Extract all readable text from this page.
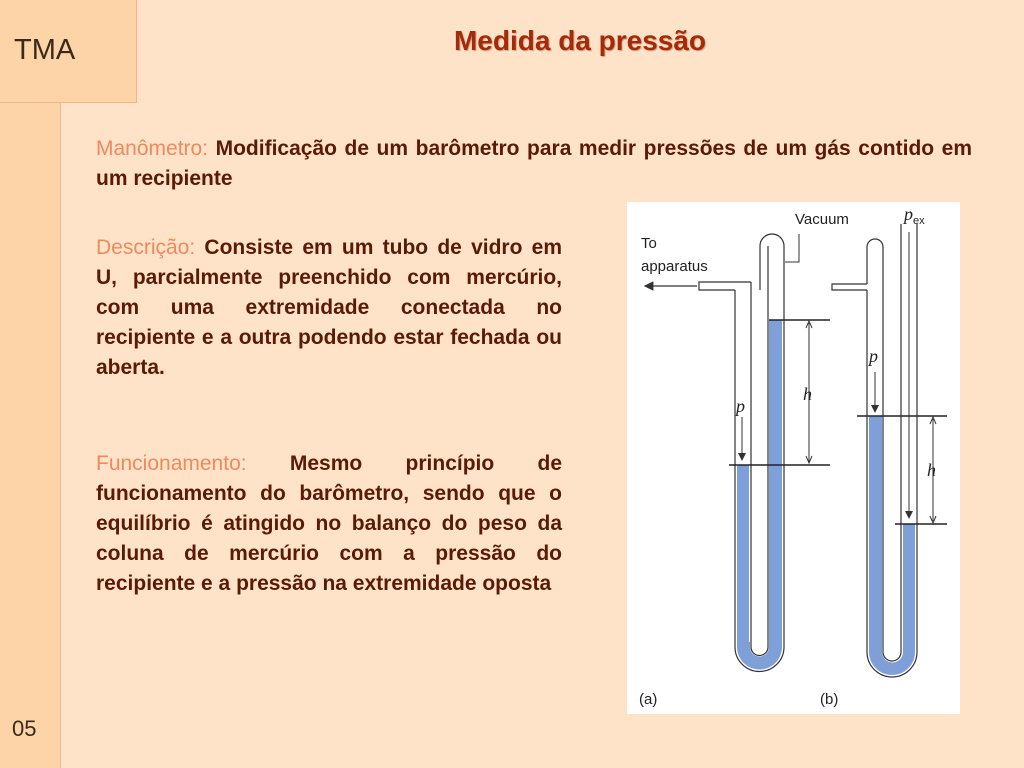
TMA
05
Medida da pressão

Manômetro: Modificação de um barômetro para medir pressões de um gás contido em um recipiente

Descrição: Consiste em um tubo de vidro em U, parcialmente preenchido com mercúrio, com uma extremidade conectada no recipiente e a outra podendo estar fechada ou aberta.

Funcionamento: Mesmo princípio de funcionamento do barômetro, sendo que o equilíbrio é atingido no balanço do peso da coluna de mercúrio com a pressão do recipiente e a pressão na extremidade oposta

Vacuum
To
apparatus
$p_{ex}$
p
h
p
h
(a)	(b)
